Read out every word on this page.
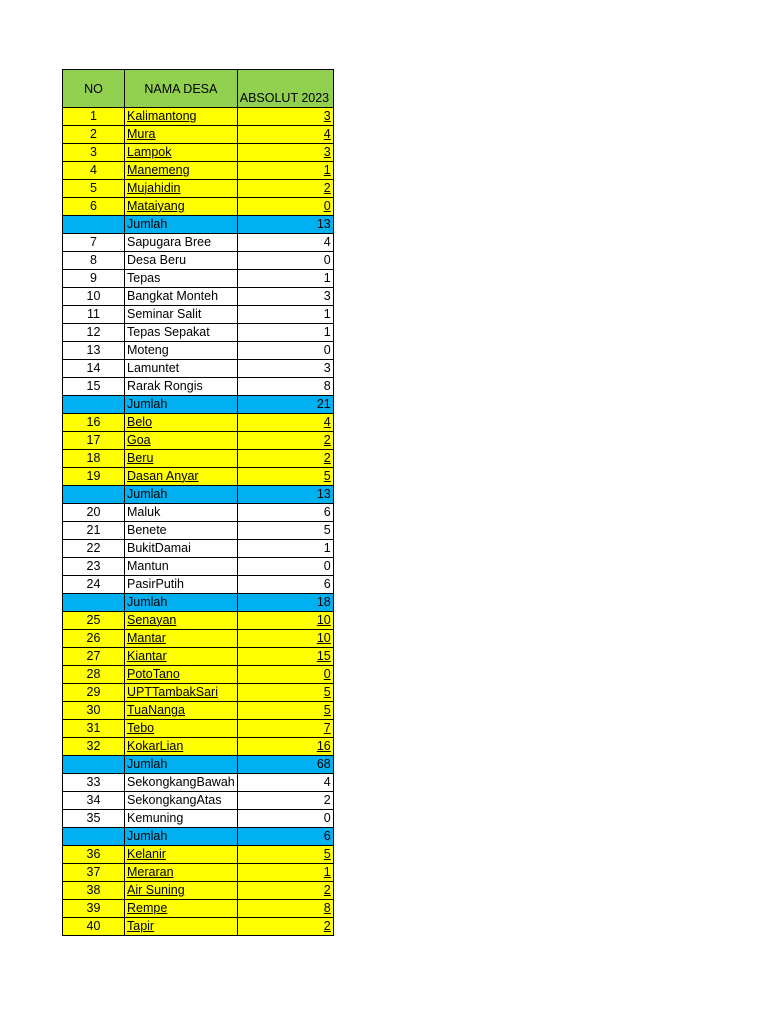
NO	NAMA DESA	ABSOLUT 2023
1	Kalimantong	3
2	Mura	4
3	Lampok	3
4	Manemeng	1
5	Mujahidin	2
6	Mataiyang	0
	Jumlah	13
7	Sapugara Bree	4
8	Desa Beru	0
9	Tepas	1
10	Bangkat Monteh	3
11	Seminar Salit	1
12	Tepas Sepakat	1
13	Moteng	0
14	Lamuntet	3
15	Rarak Rongis	8
	Jumlah	21
16	Belo	4
17	Goa	2
18	Beru	2
19	Dasan Anyar	5
	Jumlah	13
20	Maluk	6
21	Benete	5
22	BukitDamai	1
23	Mantun	0
24	PasirPutih	6
	Jumlah	18
25	Senayan	10
26	Mantar	10
27	Kiantar	15
28	PotoTano	0
29	UPTTambakSari	5
30	TuaNanga	5
31	Tebo	7
32	KokarLian	16
	Jumlah	68
33	SekongkangBawah	4
34	SekongkangAtas	2
35	Kemuning	0
	Jumlah	6
36	Kelanir	5
37	Meraran	1
38	Air Suning	2
39	Rempe	8
40	Tapir	2
